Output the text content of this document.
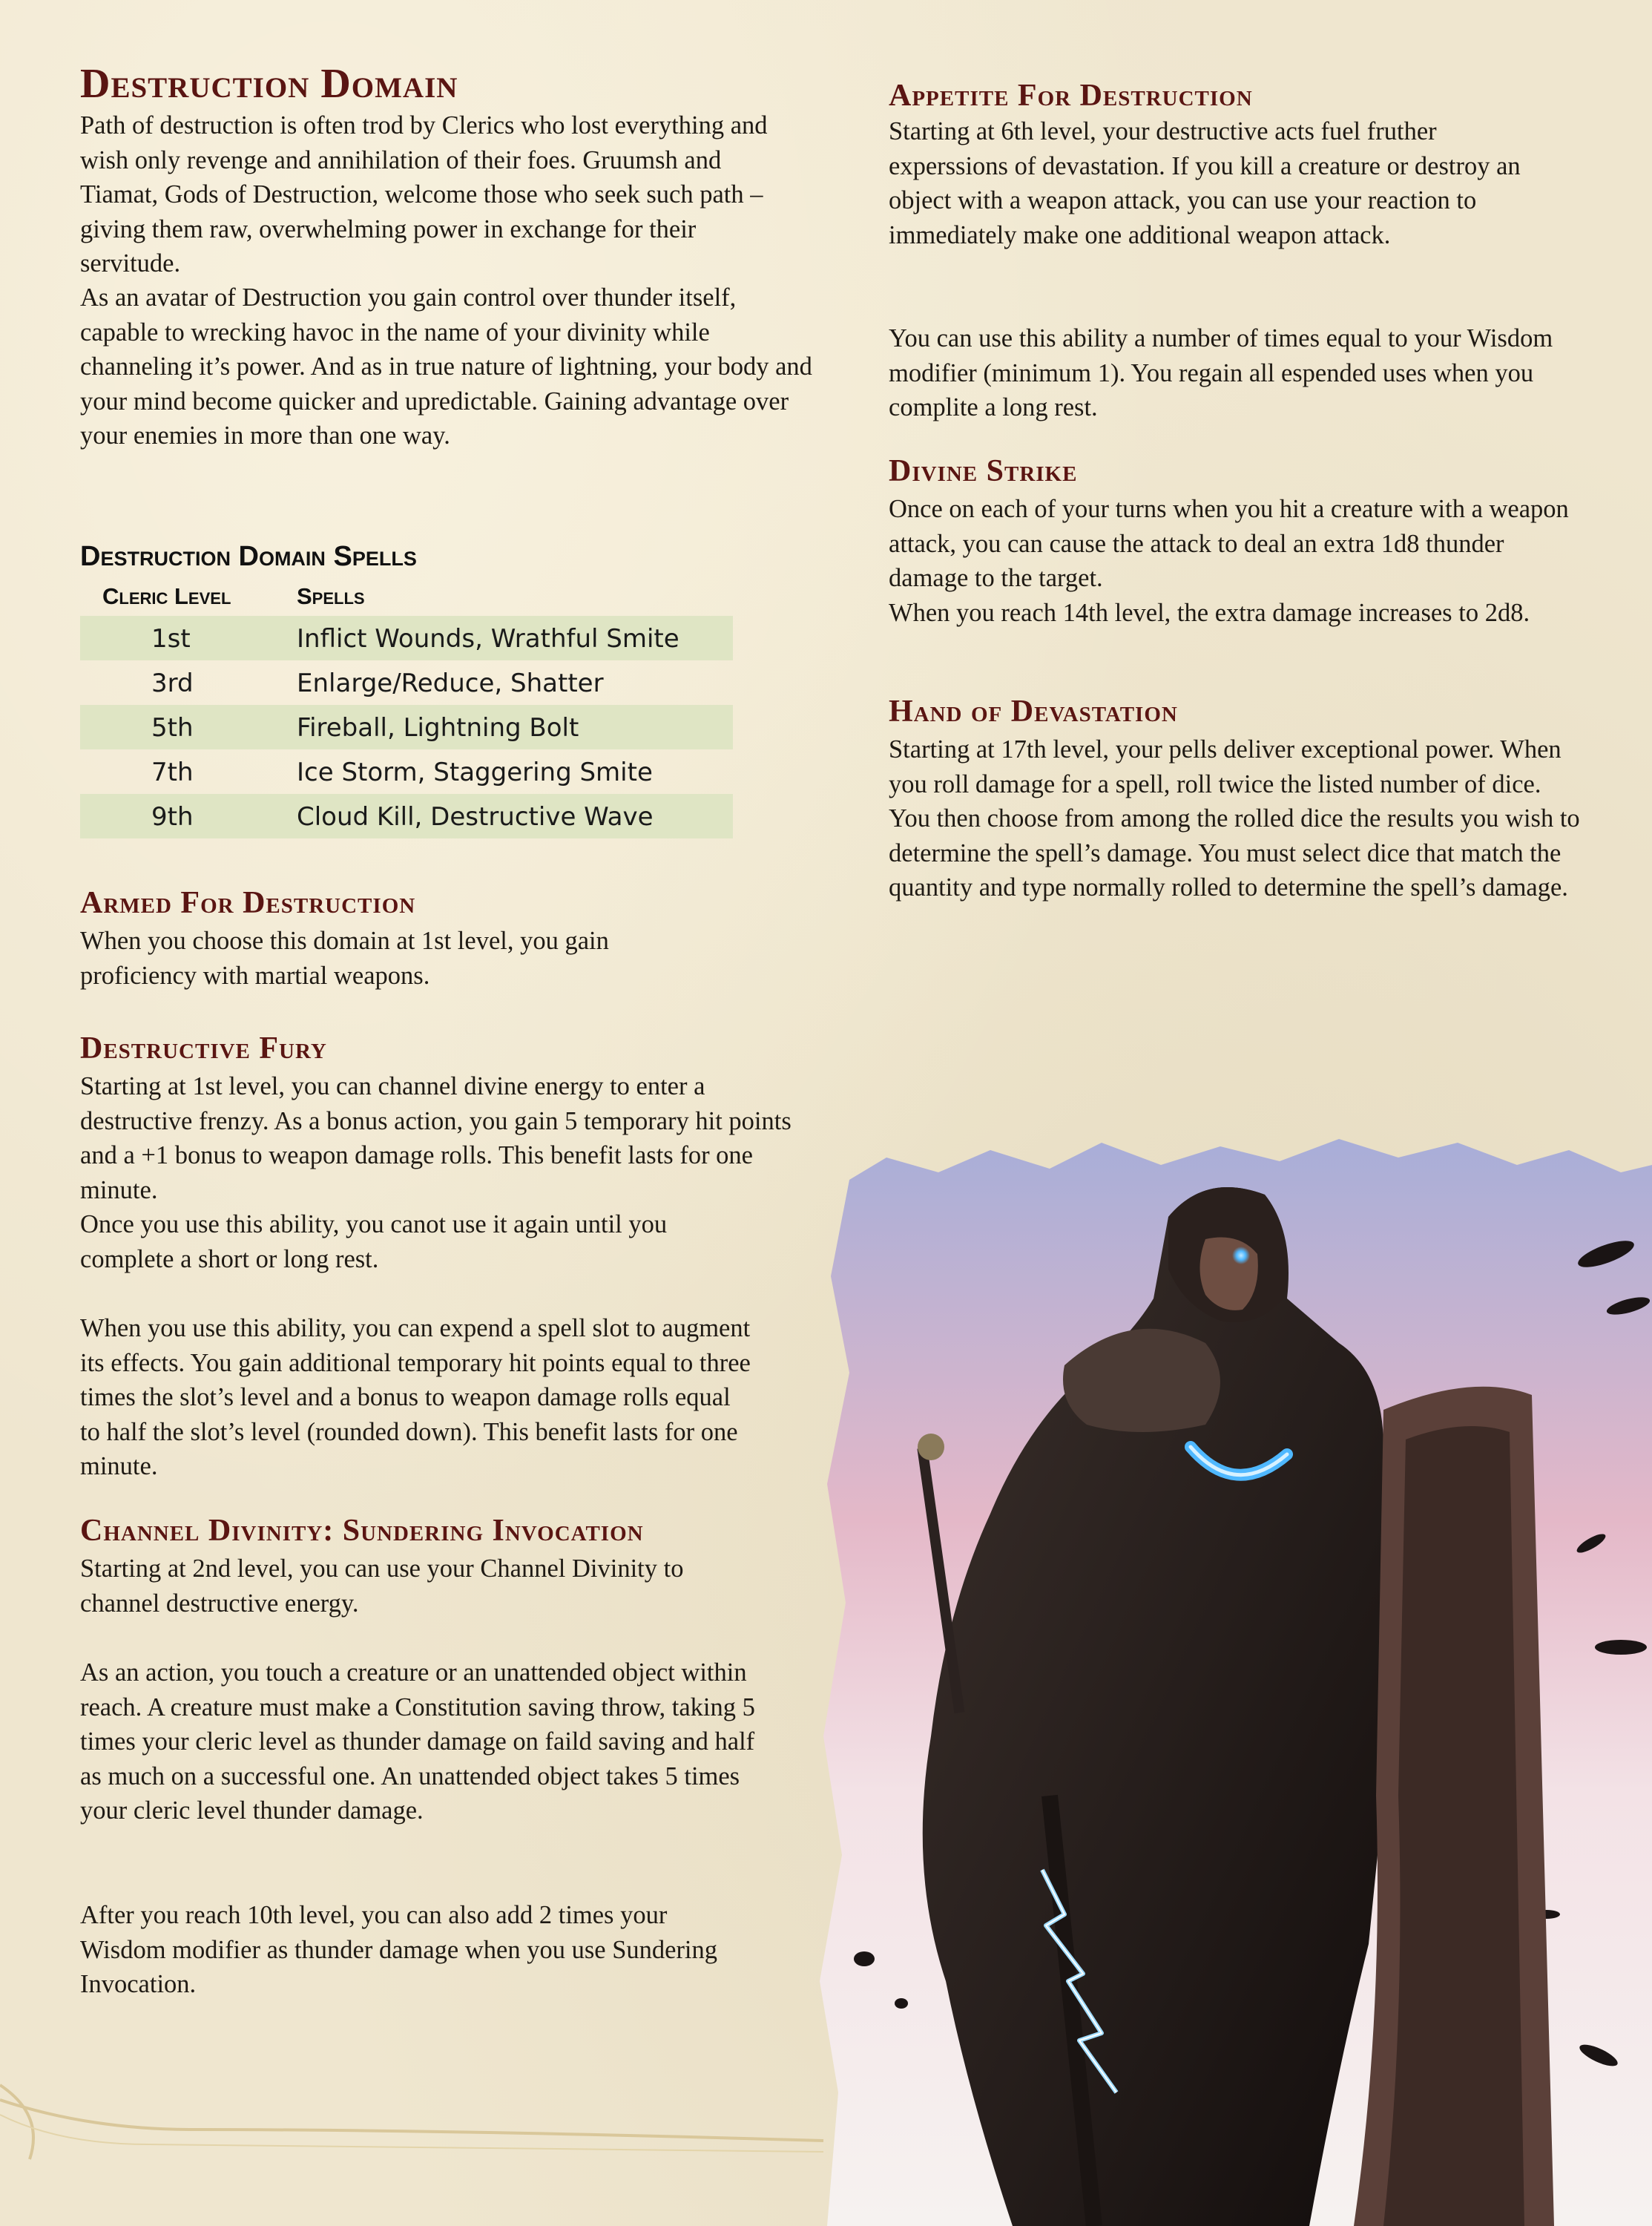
Destruction Domain

Path of destruction is often trod by Clerics who lost everything and wish only revenge and annihilation of their foes. Gruumsh and Tiamat, Gods of Destruction, welcome those who seek such path – giving them raw, overwhelming power in exchange for their servitude.

As an avatar of Destruction you gain control over thunder itself, capable to wrecking havoc in the name of your divinity while channeling it’s power. And as in true nature of lightning, your body and your mind become quicker and upredictable. Gaining advantage over your enemies in more than one way.

Destruction Domain Spells
Cleric Level	Spells
1st	Inflict Wounds, Wrathful Smite
3rd	Enlarge/Reduce, Shatter
5th	Fireball, Lightning Bolt
7th	Ice Storm, Staggering Smite
9th	Cloud Kill, Destructive Wave
Armed For Destruction

When you choose this domain at 1st level, you gain proficiency with martial weapons.

Destructive Fury

Starting at 1st level, you can channel divine energy to enter a destructive frenzy. As a bonus action, you gain 5 temporary hit points and a +1 bonus to weapon damage rolls. This benefit lasts for one minute.

Once you use this ability, you canot use it again until you complete a short or long rest.

When you use this ability, you can expend a spell slot to augment its effects. You gain additional temporary hit points equal to three times the slot’s level and a bonus to weapon damage rolls equal to half the slot’s level (rounded down). This benefit lasts for one minute.

Channel Divinity: Sundering Invocation

Starting at 2nd level, you can use your Channel Divinity to channel destructive energy.

As an action, you touch a creature or an unattended object within reach. A creature must make a Constitution saving throw, taking 5 times your cleric level as thunder damage on faild saving and half as much on a successful one. An unattended object takes 5 times your cleric level thunder damage.

After you reach 10th level, you can also add 2 times your Wisdom modifier as thunder damage when you use Sundering Invocation.

Appetite For Destruction

Starting at 6th level, your destructive acts fuel fruther experssions of devastation. If you kill a creature or destroy an object with a weapon attack, you can use your reaction to immediately make one additional weapon attack.

You can use this ability a number of times equal to your Wisdom modifier (minimum 1). You regain all espended uses when you complite a long rest.

Divine Strike

Once on each of your turns when you hit a creature with a weapon attack, you can cause the attack to deal an extra 1d8 thunder damage to the target.

When you reach 14th level, the extra damage increases to 2d8.

Hand of Devastation

Starting at 17th level, your pells deliver exceptional power. When you roll damage for a spell, roll twice the listed number of dice. You then choose from among the rolled dice the results you wish to determine the spell’s damage. You must select dice that match the quantity and type normally rolled to determine the spell’s damage.
